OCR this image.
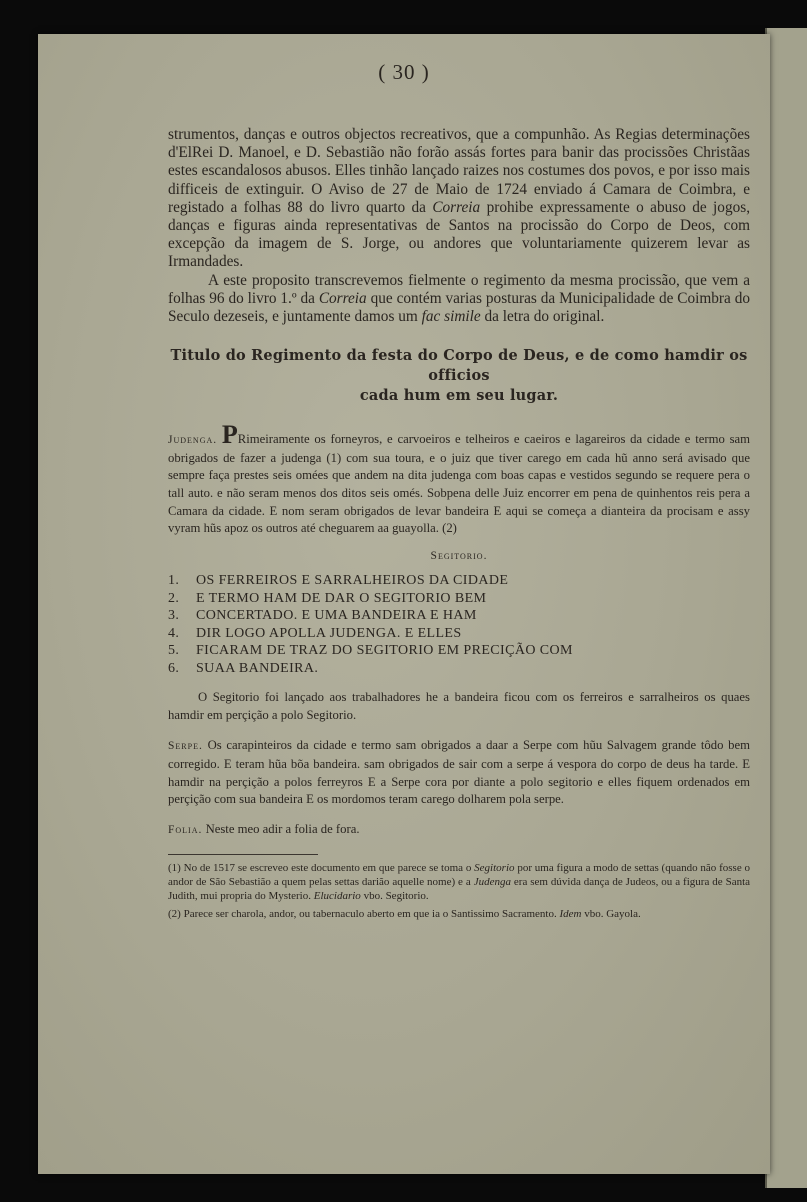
( 30 )

strumentos, danças e outros objectos recreativos, que a compunhão. As Regias determinações d'ElRei D. Manoel, e D. Sebastião não forão assás fortes para banir das procissões Christãas estes escandalosos abusos. Elles tinhão lançado raizes nos costumes dos povos, e por isso mais difficeis de extinguir. O Aviso de 27 de Maio de 1724 enviado á Camara de Coimbra, e registado a folhas 88 do livro quarto da Correia prohibe expressamente o abuso de jogos, danças e figuras ainda representativas de Santos na procissão do Corpo de Deos, com excepção da imagem de S. Jorge, ou andores que voluntariamente quizerem levar as Irmandades.

A este proposito transcrevemos fielmente o regimento da mesma procissão, que vem a folhas 96 do livro 1.º da Correia que contém varias posturas da Municipalidade de Coimbra do Seculo dezeseis, e juntamente damos um fac simile da letra do original.

Titulo do Regimento da festa do Corpo de Deus, e de como hamdir os officios
cada hum em seu lugar.

Judenga. PRimeiramente os forneyros, e carvoeiros e telheiros e caeiros e lagareiros da cidade e termo sam obrigados de fazer a judenga (1) com sua toura, e o juiz que tiver carego em cada hũ anno será avisado que sempre faça prestes seis omées que andem na dita judenga com boas capas e vestidos segundo se requere pera o tall auto. e não seram menos dos ditos seis omés. Sobpena delle Juiz encorrer em pena de quinhentos reis pera a Camara da cidade. E nom seram obrigados de levar bandeira E aqui se começa a dianteira da procisam e assy vyram hũs apoz os outros até cheguarem aa guayolla. (2)

Segitorio.
1.	OS FERREIROS E SARRALHEIROS DA CIDADE
2.	E TERMO HAM DE DAR O SEGITORIO BEM
3.	CONCERTADO. E UMA BANDEIRA E HAM
4.	DIR LOGO APOLLA JUDENGA. E ELLES
5.	FICARAM DE TRAZ DO SEGITORIO EM PRECIÇÃO COM
6.	SUAA BANDEIRA.

O Segitorio foi lançado aos trabalhadores he a bandeira ficou com os ferreiros e sarralheiros os quaes hamdir em perçição a polo Segitorio.

Serpe. Os carapinteiros da cidade e termo sam obrigados a daar a Serpe com hũu Salvagem grande tôdo bem corregido. E teram hũa bõa bandeira. sam obrigados de sair com a serpe á vespora do corpo de deus ha tarde. E hamdir na perçição a polos ferreyros E a Serpe cora por diante a polo segitorio e elles fiquem ordenados em perçição com sua bandeira E os mordomos teram carego dolharem pola serpe.

Folia. Neste meo adir a folia de fora.

(1) No de 1517 se escreveo este documento em que parece se toma o Segitorio por uma figura a modo de settas (quando não fosse o andor de São Sebastião a quem pelas settas darião aquelle nome) e a Judenga era sem dúvida dança de Judeos, ou a figura de Santa Judith, mui propria do Mysterio. Elucidario vbo. Segitorio.

(2) Parece ser charola, andor, ou tabernaculo aberto em que ia o Santissimo Sacramento. Idem vbo. Gayola.
